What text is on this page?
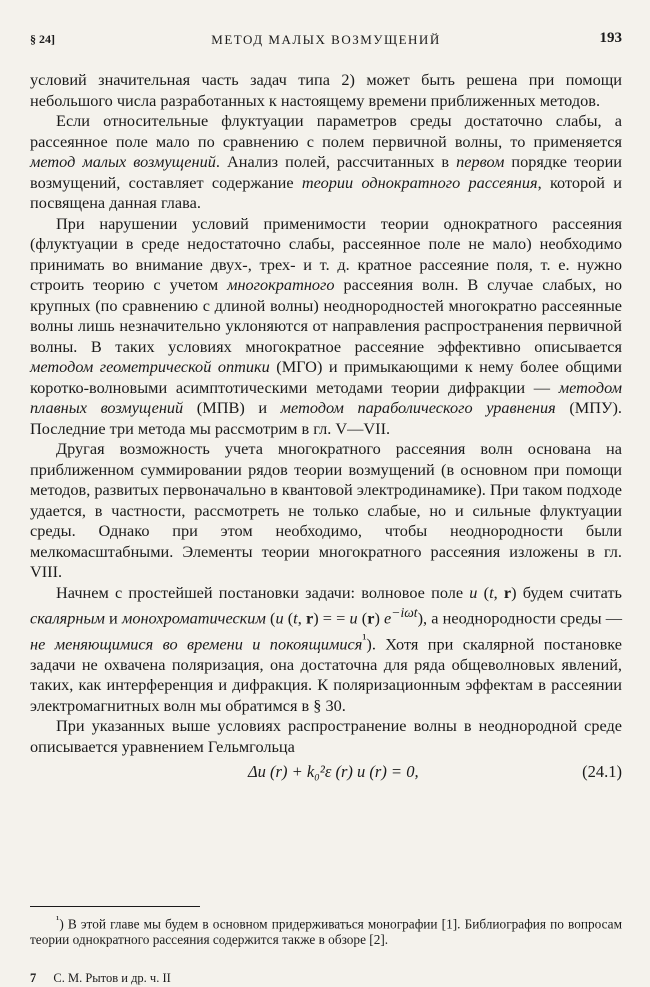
§ 24]	МЕТОД МАЛЫХ ВОЗМУЩЕНИЙ	193

условий значительная часть задач типа 2) может быть решена при помощи небольшого числа разработанных к настоящему времени приближенных методов.

Если относительные флуктуации параметров среды достаточно слабы, а рассеянное поле мало по сравнению с полем первичной волны, то применяется метод малых возмущений. Анализ полей, рассчитанных в первом порядке теории возмущений, составляет содержание теории однократного рассеяния, которой и посвящена данная глава.

При нарушении условий применимости теории однократного рассеяния (флуктуации в среде недостаточно слабы, рассеянное поле не мало) необходимо принимать во внимание двух-, трех- и т. д. кратное рассеяние поля, т. е. нужно строить теорию с учетом многократного рассеяния волн. В случае слабых, но крупных (по сравнению с длиной волны) неоднородностей многократно рассеянные волны лишь незначительно уклоняются от направления распространения первичной волны. В таких условиях многократное рассеяние эффективно описывается методом геометрической оптики (МГО) и примыкающими к нему более общими коротко-волновыми асимптотическими методами теории дифракции — методом плавных возмущений (МПВ) и методом параболического уравнения (МПУ). Последние три метода мы рассмотрим в гл. V—VII.

Другая возможность учета многократного рассеяния волн основана на приближенном суммировании рядов теории возмущений (в основном при помощи методов, развитых первоначально в квантовой электродинамике). При таком подходе удается, в частности, рассмотреть не только слабые, но и сильные флуктуации среды. Однако при этом необходимо, чтобы неоднородности были мелкомасштабными. Элементы теории многократного рассеяния изложены в гл. VIII.

Начнем с простейшей постановки задачи: волновое поле u (t, r) будем считать скалярным и монохроматическим (u (t, r) = = u (r) $e^{-i\omega t}$), а неоднородности среды — не меняющимися во времени и покоящимися$^{^1}$). Хотя при скалярной постановке задачи не охвачена поляризация, она достаточна для ряда общеволновых явлений, таких, как интерференция и дифракция. К поляризационным эффектам в рассеянии электромагнитных волн мы обратимся в § 30.

При указанных выше условиях распространение волны в неоднородной среде описывается уравнением Гельмгольца

Δu (r) + k₀²ε (r) u (r) = 0,	(24.1)

$^{^1}$) В этой главе мы будем в основном придерживаться монографии [1]. Библиография по вопросам теории однократного рассеяния содержится также в обзоре [2].

7 С. М. Рытов и др. ч. II
